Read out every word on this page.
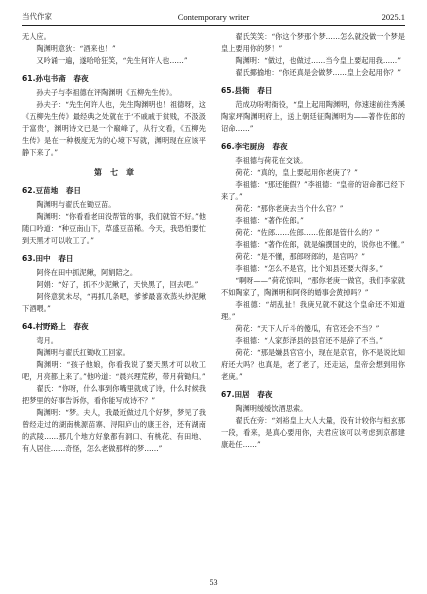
当代作家	Contemporary writer	2025.1

无人应。

陶渊明意狄：“酒来也！”

又吟诵一遍，遂哈哈狂笑，“先生何许人也……”

61.孙屯书斋　春夜

孙夫子与李祖德在评陶渊明《五柳先生传》。

孙夫子：“先生何许人也，先生陶渊明也！祖德呀，这《五柳先生传》最经典之处就在于‘不戚戚于贫贱，不汲汲于富贵’，渊明诗文已是一个巅峰了，从行文看，《五柳先生传》是在一种极度无为的心境下写就，渊明现在应该平静下来了。”

第　七　章
62.豆苗地　春日

陶渊明与翟氏在锄豆苗。

陶渊明：“你看看老田没帮管的事，我们就管不好。”他随口吟道：“种豆南山下，草盛豆苗稀。今天，我恐怕要忙到天黑才可以收工了。”

63.田中　春日

阿佟在田中抓泥鳅，阿娟陪之。

阿娟：“好了，抓不少泥鳅了，天快黑了，回去吧。”

阿佟意犹未尽，“再抓几条吧，爹爹最喜欢蒸头炒泥鳅下酒喂。”

64.村野路上　春夜

弯月。

陶渊明与翟氏扛锄收工回家。

陶渊明：“孩子他娘，你看我说了要天黑才可以收工吧，月亮都上来了。”他吟道：“晨兴理荒秽，带月荷锄归。”

翟氏：“你呀，什么事到你嘴里就成了诗，什么时候我把梦里的好事告诉你，看你能写成诗不？”

陶渊明：“梦。夫人，我最近做过几个好梦，梦见了我曾经走过的湖南桃源苗寨、浔阳庐山的康王谷，还有湖南的武陵……那几个地方好象都有洞口、有桃花、有田地、有人居住……奇怪，怎么老做那样的梦……”

翟氏笑笑：“你这个梦那个梦……怎么就没做一个梦是皇上要用你的梦！”

陶渊明：“做过，也做过……当今皇上要起用我……”

翟氏揶揄地：“你还真是会做梦……皇上会起用你？”

65.县衙　春日

范成功吩咐衙役，“皇上起用陶渊明，你速速前往秀溪陶家坪陶渊明府上，送上朝廷征陶渊明为——著作佐郎的诏命……”

66.李宅厨房　春夜

李祖德与荷花在交谈。

荷花：“真的，皇上要起用你老庚了？”

李祖德：“那还能假？”李祖德：“皇帝的诏命都已经下来了。”

荷花：“那你老庚去当个什么官？”

李祖德：“著作佐郎。”

荷花：“佐郎……佐郎……佐郎是管什么的？”

李祖德：“著作佐郎，就是编撰国史的，说你也不懂。”

荷花：“是不懂，那郎呀郎的，是官吗？”

李祖德：“怎么不是官，比个知县还要大得多。”

“啊呀——”荷花惊叫，“那你老庚一做官，我们李家就不如陶家了，陶渊明和阿佟的婚事会黄掉吗？”

李祖德：“胡乱扯！我庚兄就不就这个皇命还不知道理。”

荷花：“天下人斤斗的傻瓜，有官还会不当？”

李祖德：“人家彭泽县的县官还不是辞了不当。”

荷花：“那是嫌县官官小，现在是京官，你不是说比知府还大吗？也真是，老了老了，还走运，皇帝会想到用你老庚。”

67.田居　春夜

陶渊明缓缓饮酒思索。

翟氏在旁：“刘裕皇上大人大量，没有计较你与桓玄那一段，看来，是真心要用你，夫君应该可以考虑到京都建康赴任……”

53
